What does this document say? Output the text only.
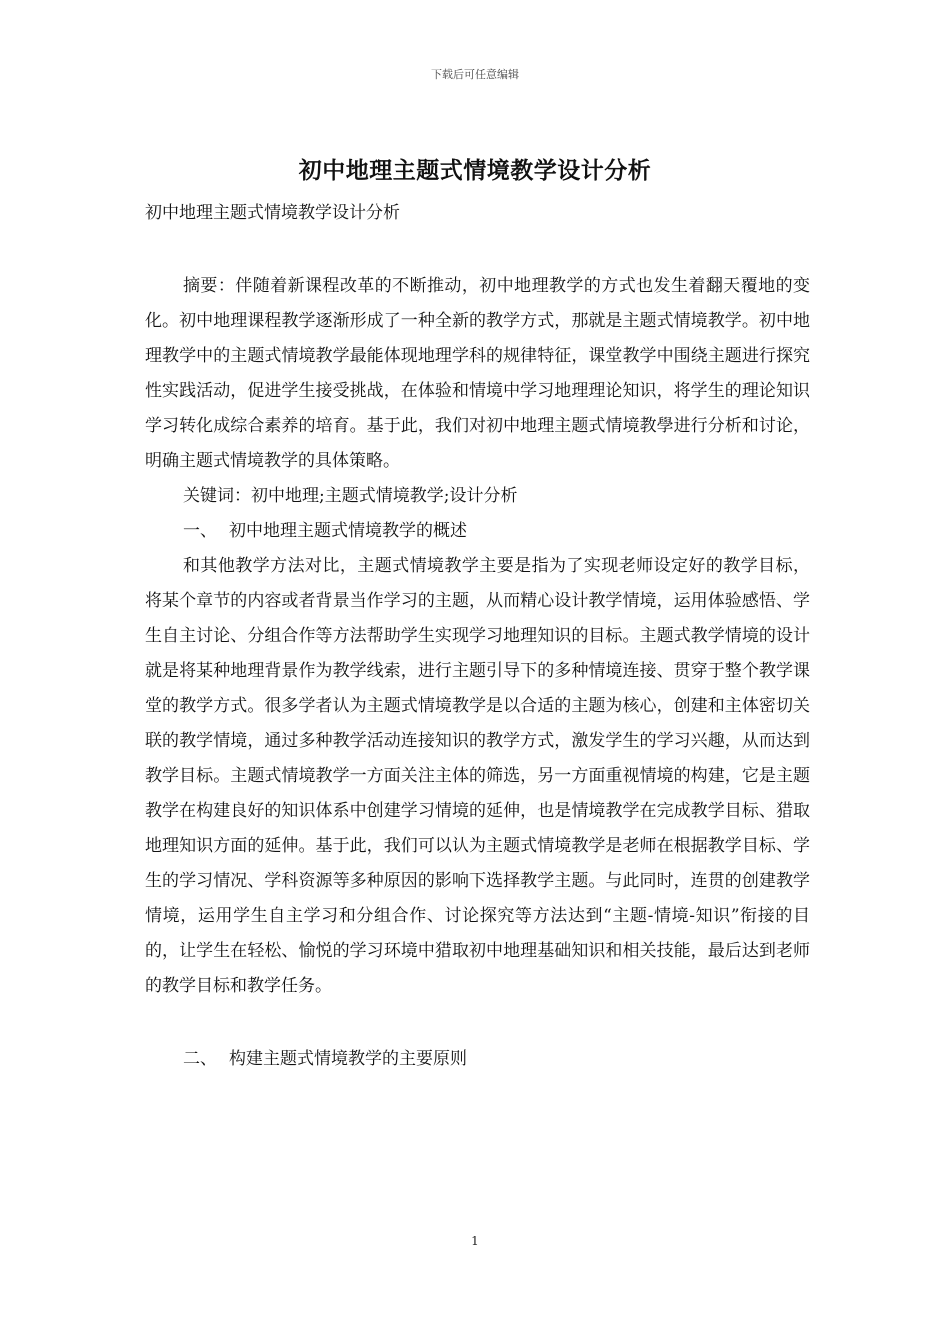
下载后可任意编辑
初中地理主题式情境教学设计分析

初中地理主题式情境教学设计分析

摘要：伴随着新课程改革的不断推动，初中地理教学的方式也发生着翻天覆地的变化。初中地理课程教学逐渐形成了一种全新的教学方式，那就是主题式情境教学。初中地理教学中的主题式情境教学最能体现地理学科的规律特征，课堂教学中围绕主题进行探究性实践活动，促进学生接受挑战，在体验和情境中学习地理理论知识，将学生的理论知识学习转化成综合素养的培育。基于此，我们对初中地理主题式情境教學进行分析和讨论，明确主题式情境教学的具体策略。

关键词：初中地理;主题式情境教学;设计分析

一、 初中地理主题式情境教学的概述

和其他教学方法对比，主题式情境教学主要是指为了实现老师设定好的教学目标，将某个章节的内容或者背景当作学习的主题，从而精心设计教学情境，运用体验感悟、学生自主讨论、分组合作等方法帮助学生实现学习地理知识的目标。主题式教学情境的设计就是将某种地理背景作为教学线索，进行主题引导下的多种情境连接、贯穿于整个教学课堂的教学方式。很多学者认为主题式情境教学是以合适的主题为核心，创建和主体密切关联的教学情境，通过多种教学活动连接知识的教学方式，激发学生的学习兴趣，从而达到教学目标。主题式情境教学一方面关注主体的筛选，另一方面重视情境的构建，它是主题教学在构建良好的知识体系中创建学习情境的延伸，也是情境教学在完成教学目标、猎取地理知识方面的延伸。基于此，我们可以认为主题式情境教学是老师在根据教学目标、学生的学习情况、学科资源等多种原因的影响下选择教学主题。与此同时，连贯的创建教学情境，运用学生自主学习和分组合作、讨论探究等方法达到“主题-情境-知识”衔接的目的，让学生在轻松、愉悦的学习环境中猎取初中地理基础知识和相关技能，最后达到老师的教学目标和教学任务。

二、 构建主题式情境教学的主要原则

1
